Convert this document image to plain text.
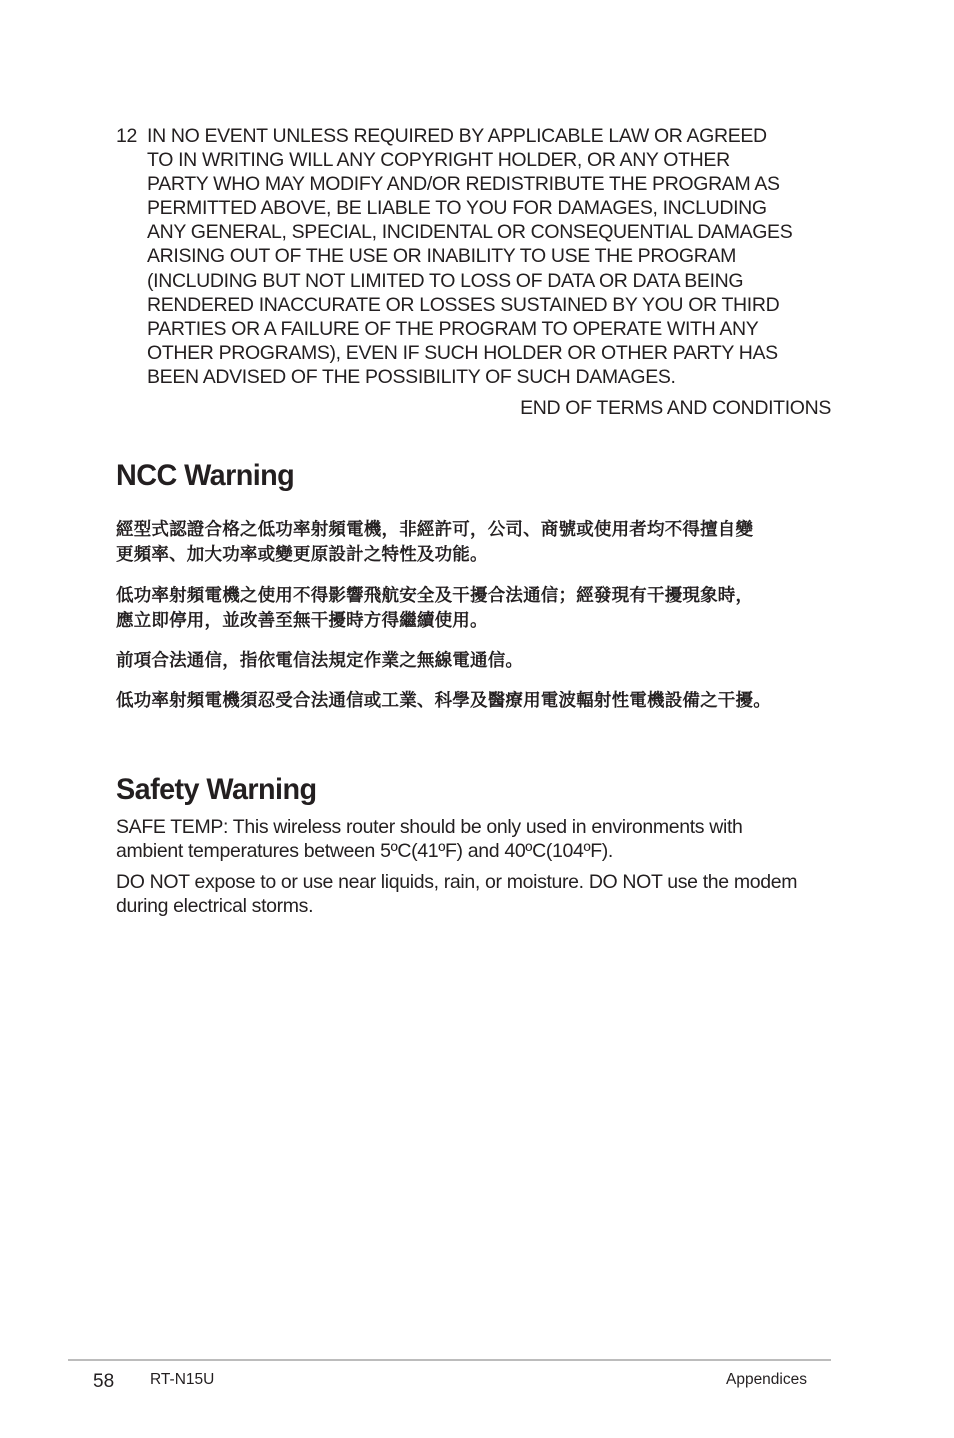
12 IN NO EVENT UNLESS REQUIRED BY APPLICABLE LAW OR AGREED
TO IN WRITING WILL ANY COPYRIGHT HOLDER, OR ANY OTHER
PARTY WHO MAY MODIFY AND/OR REDISTRIBUTE THE PROGRAM AS
PERMITTED ABOVE, BE LIABLE TO YOU FOR DAMAGES, INCLUDING
ANY GENERAL, SPECIAL, INCIDENTAL OR CONSEQUENTIAL DAMAGES
ARISING OUT OF THE USE OR INABILITY TO USE THE PROGRAM
(INCLUDING BUT NOT LIMITED TO LOSS OF DATA OR DATA BEING
RENDERED INACCURATE OR LOSSES SUSTAINED BY YOU OR THIRD
PARTIES OR A FAILURE OF THE PROGRAM TO OPERATE WITH ANY
OTHER PROGRAMS), EVEN IF SUCH HOLDER OR OTHER PARTY HAS
BEEN ADVISED OF THE POSSIBILITY OF SUCH DAMAGES.
END OF TERMS AND CONDITIONS
NCC Warning
經型式認證合格之低功率射頻電機，非經許可，公司、商號或使用者均不得擅自變
更頻率、加大功率或變更原設計之特性及功能。
低功率射頻電機之使用不得影響飛航安全及干擾合法通信；經發現有干擾現象時，
應立即停用，並改善至無干擾時方得繼續使用。
前項合法通信，指依電信法規定作業之無線電通信。
低功率射頻電機須忍受合法通信或工業、科學及醫療用電波輻射性電機設備之干擾。
Safety Warning
SAFE TEMP: This wireless router should be only used in environments with
ambient temperatures between 5ºC(41ºF) and 40ºC(104ºF).
DO NOT expose to or use near liquids, rain, or moisture. DO NOT use the modem
during electrical storms.
58 RT-N15U	Appendices
